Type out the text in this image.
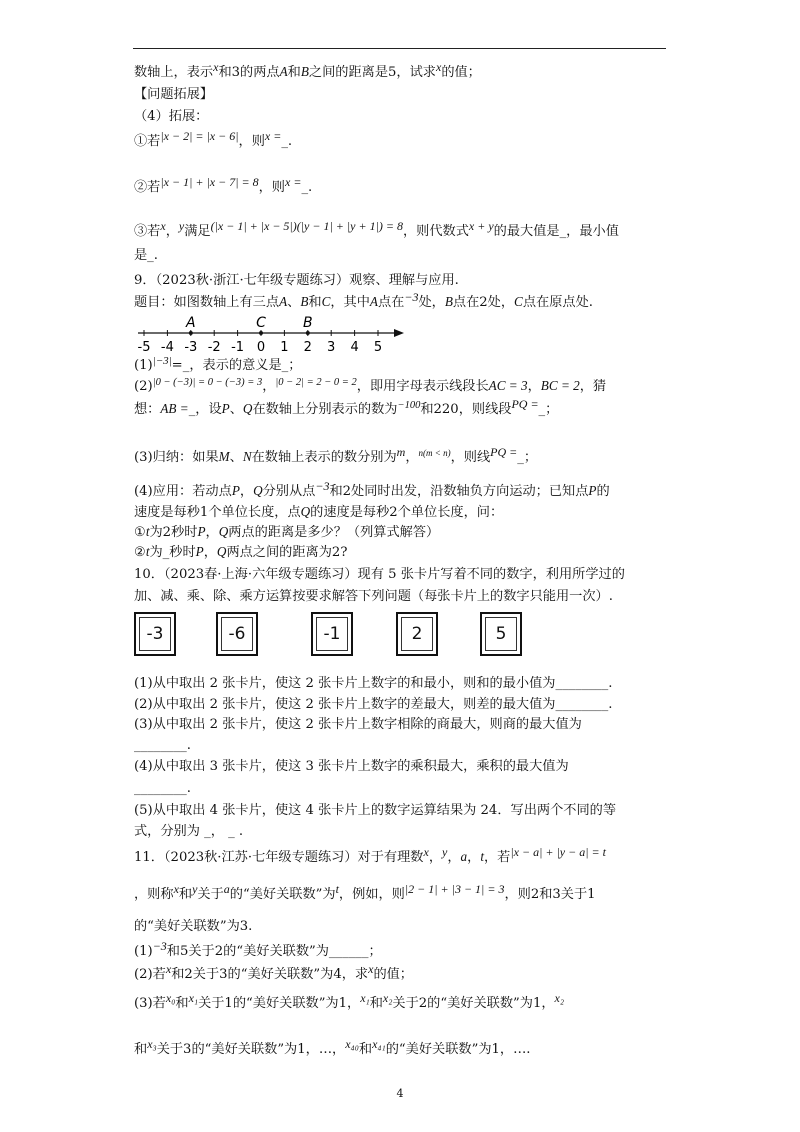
数轴上，表示x和3的两点A和B之间的距离是5，试求x的值；
【问题拓展】
（4）拓展：
①若|x − 2| = |x − 6|，则x =_.
②若|x − 1| + |x − 7| = 8，则x =_.
③若x，y满足(|x − 1| + |x − 5|)(|y − 1| + |y + 1|) = 8，则代数式x + y的最大值是_，最小值
是_.
9．（2023秋·浙江·七年级专题练习）观察、理解与应用.
题目：如图数轴上有三点A、B和C，其中A点在−3处，B点在2处，C点在原点处.
-5 -4 -3 -2 -1 0 1 2 3 4 5
A	C	B
$(1)^{|-3|}=\_$，表示的意义是_；
$(2)^{|0 - (-3)| = 0 - (-3) = 3}$，$^{|0 - 2| = 2 - 0 = 2}$，即用字母表示线段长AC = 3，BC = 2，猜
想：AB =_，设P、Q在数轴上分别表示的数为$^{-100}$和220，则线段PQ =_；
(3)归纳：如果M、N在数轴上表示的数分别为m，$^{n(m < n)}$，则线PQ =_；
(4)应用：若动点P，Q分别从点−3和2处同时出发，沿数轴负方向运动；已知点P的
速度是每秒1个单位长度，点Q的速度是每秒2个单位长度，问：
①t为2秒时P，Q两点的距离是多少？（列算式解答）
②t为_秒时P，Q两点之间的距离为2?
10．（2023春·上海·六年级专题练习）现有 5 张卡片写着不同的数字，利用所学过的
加、减、乘、除、乘方运算按要求解答下列问题（每张卡片上的数字只能用一次）.
-3	-6	-1	2	5
(1)从中取出 2 张卡片，使这 2 张卡片上数字的和最小，则和的最小值为________.
(2)从中取出 2 张卡片，使这 2 张卡片上数字的差最大，则差的最大值为________.
(3)从中取出 2 张卡片，使这 2 张卡片上数字相除的商最大，则商的最大值为
________.
(4)从中取出 3 张卡片，使这 3 张卡片上数字的乘积最大，乘积的最大值为
________.
(5)从中取出 4 张卡片，使这 4 张卡片上的数字运算结果为 24．写出两个不同的等
式，分别为 _， _ .
11．（2023秋·江苏·七年级专题练习）对于有理数x，y，a，t，若|x − a| + |y − a| = t
，则称x和y关于a的“美好关联数”为t，例如，则|2 − 1| + |3 − 1| = 3，则2和3关于1
的“美好关联数”为3.
(1)−3和5关于2的“美好关联数”为______；
(2)若x和2关于3的“美好关联数”为4，求x的值；
(3)若x₀和x₁关于1的“美好关联数”为1，x₁和x₂关于2的“美好关联数”为1，x₂
和x₃关于3的“美好关联数”为1，…，x₄₀和x₄₁的“美好关联数”为1，….
4
